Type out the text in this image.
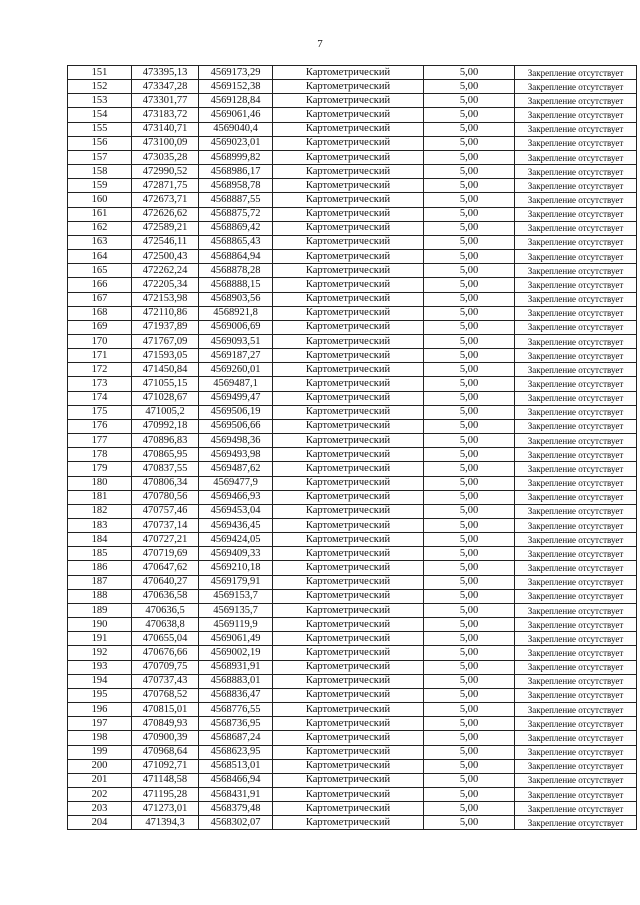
7
151	473395,13	4569173,29	Картометрический	5,00	Закрепление отсутствует
152	473347,28	4569152,38	Картометрический	5,00	Закрепление отсутствует
153	473301,77	4569128,84	Картометрический	5,00	Закрепление отсутствует
154	473183,72	4569061,46	Картометрический	5,00	Закрепление отсутствует
155	473140,71	4569040,4	Картометрический	5,00	Закрепление отсутствует
156	473100,09	4569023,01	Картометрический	5,00	Закрепление отсутствует
157	473035,28	4568999,82	Картометрический	5,00	Закрепление отсутствует
158	472990,52	4568986,17	Картометрический	5,00	Закрепление отсутствует
159	472871,75	4568958,78	Картометрический	5,00	Закрепление отсутствует
160	472673,71	4568887,55	Картометрический	5,00	Закрепление отсутствует
161	472626,62	4568875,72	Картометрический	5,00	Закрепление отсутствует
162	472589,21	4568869,42	Картометрический	5,00	Закрепление отсутствует
163	472546,11	4568865,43	Картометрический	5,00	Закрепление отсутствует
164	472500,43	4568864,94	Картометрический	5,00	Закрепление отсутствует
165	472262,24	4568878,28	Картометрический	5,00	Закрепление отсутствует
166	472205,34	4568888,15	Картометрический	5,00	Закрепление отсутствует
167	472153,98	4568903,56	Картометрический	5,00	Закрепление отсутствует
168	472110,86	4568921,8	Картометрический	5,00	Закрепление отсутствует
169	471937,89	4569006,69	Картометрический	5,00	Закрепление отсутствует
170	471767,09	4569093,51	Картометрический	5,00	Закрепление отсутствует
171	471593,05	4569187,27	Картометрический	5,00	Закрепление отсутствует
172	471450,84	4569260,01	Картометрический	5,00	Закрепление отсутствует
173	471055,15	4569487,1	Картометрический	5,00	Закрепление отсутствует
174	471028,67	4569499,47	Картометрический	5,00	Закрепление отсутствует
175	471005,2	4569506,19	Картометрический	5,00	Закрепление отсутствует
176	470992,18	4569506,66	Картометрический	5,00	Закрепление отсутствует
177	470896,83	4569498,36	Картометрический	5,00	Закрепление отсутствует
178	470865,95	4569493,98	Картометрический	5,00	Закрепление отсутствует
179	470837,55	4569487,62	Картометрический	5,00	Закрепление отсутствует
180	470806,34	4569477,9	Картометрический	5,00	Закрепление отсутствует
181	470780,56	4569466,93	Картометрический	5,00	Закрепление отсутствует
182	470757,46	4569453,04	Картометрический	5,00	Закрепление отсутствует
183	470737,14	4569436,45	Картометрический	5,00	Закрепление отсутствует
184	470727,21	4569424,05	Картометрический	5,00	Закрепление отсутствует
185	470719,69	4569409,33	Картометрический	5,00	Закрепление отсутствует
186	470647,62	4569210,18	Картометрический	5,00	Закрепление отсутствует
187	470640,27	4569179,91	Картометрический	5,00	Закрепление отсутствует
188	470636,58	4569153,7	Картометрический	5,00	Закрепление отсутствует
189	470636,5	4569135,7	Картометрический	5,00	Закрепление отсутствует
190	470638,8	4569119,9	Картометрический	5,00	Закрепление отсутствует
191	470655,04	4569061,49	Картометрический	5,00	Закрепление отсутствует
192	470676,66	4569002,19	Картометрический	5,00	Закрепление отсутствует
193	470709,75	4568931,91	Картометрический	5,00	Закрепление отсутствует
194	470737,43	4568883,01	Картометрический	5,00	Закрепление отсутствует
195	470768,52	4568836,47	Картометрический	5,00	Закрепление отсутствует
196	470815,01	4568776,55	Картометрический	5,00	Закрепление отсутствует
197	470849,93	4568736,95	Картометрический	5,00	Закрепление отсутствует
198	470900,39	4568687,24	Картометрический	5,00	Закрепление отсутствует
199	470968,64	4568623,95	Картометрический	5,00	Закрепление отсутствует
200	471092,71	4568513,01	Картометрический	5,00	Закрепление отсутствует
201	471148,58	4568466,94	Картометрический	5,00	Закрепление отсутствует
202	471195,28	4568431,91	Картометрический	5,00	Закрепление отсутствует
203	471273,01	4568379,48	Картометрический	5,00	Закрепление отсутствует
204	471394,3	4568302,07	Картометрический	5,00	Закрепление отсутствует
